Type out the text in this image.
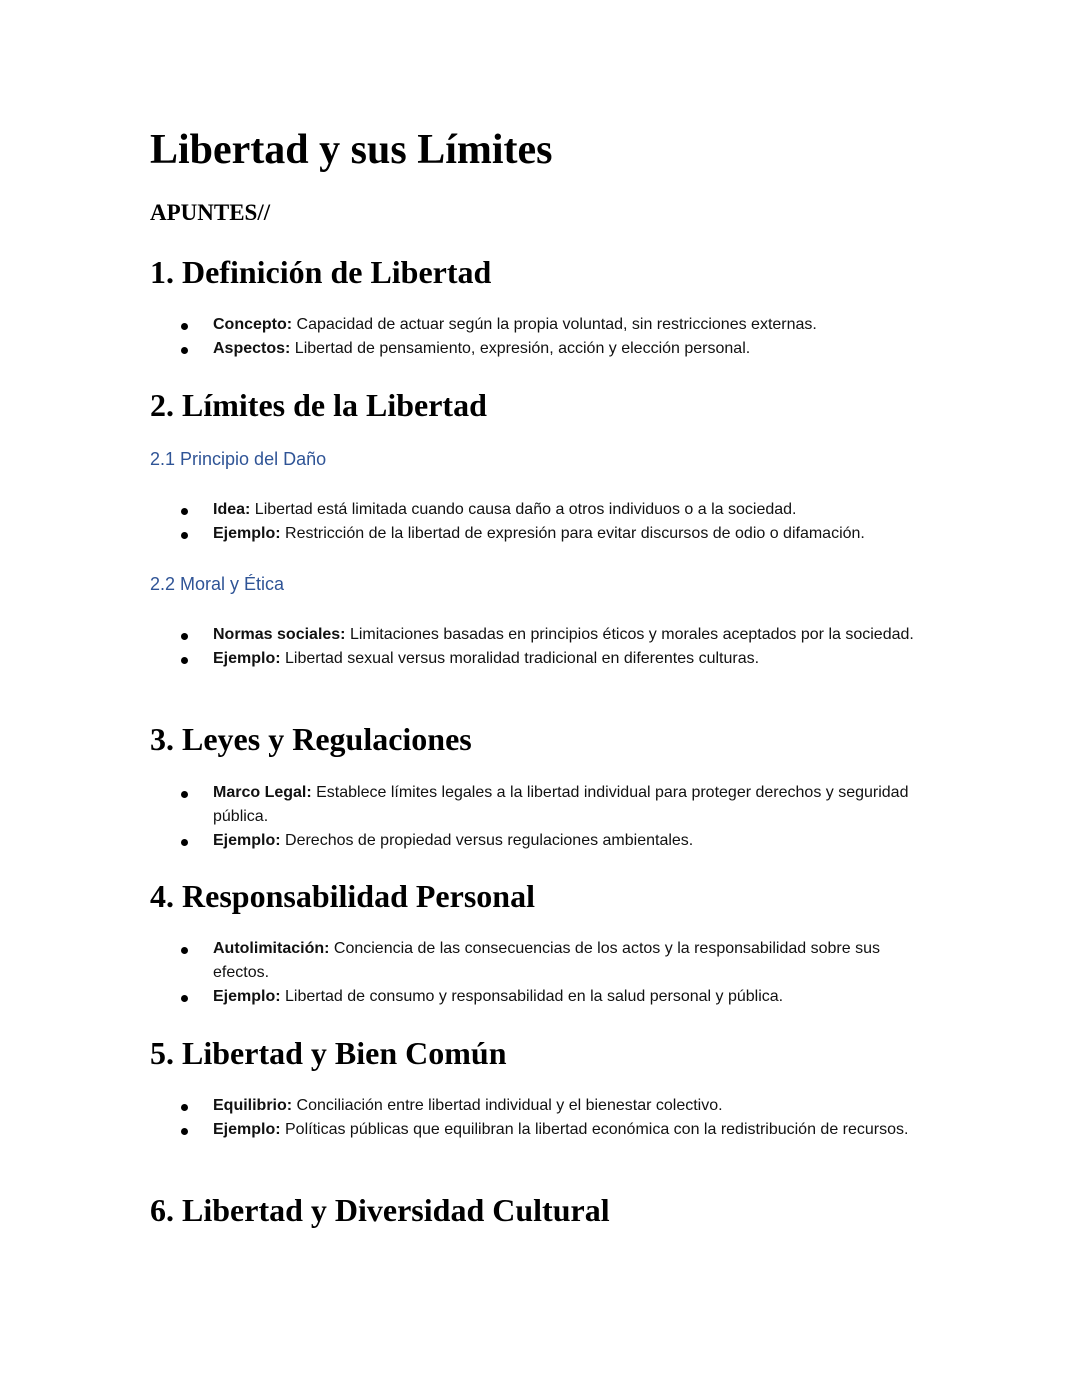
Libertad y sus Límites
APUNTES//
1. Definición de Libertad
Concepto: Capacidad de actuar según la propia voluntad, sin restricciones externas.
Aspectos: Libertad de pensamiento, expresión, acción y elección personal.
2. Límites de la Libertad
2.1 Principio del Daño
Idea: Libertad está limitada cuando causa daño a otros individuos o a la sociedad.
Ejemplo: Restricción de la libertad de expresión para evitar discursos de odio o difamación.
2.2 Moral y Ética
Normas sociales: Limitaciones basadas en principios éticos y morales aceptados por la sociedad.
Ejemplo: Libertad sexual versus moralidad tradicional en diferentes culturas.
3. Leyes y Regulaciones
Marco Legal: Establece límites legales a la libertad individual para proteger derechos y seguridad pública.
Ejemplo: Derechos de propiedad versus regulaciones ambientales.
4. Responsabilidad Personal
Autolimitación: Conciencia de las consecuencias de los actos y la responsabilidad sobre sus efectos.
Ejemplo: Libertad de consumo y responsabilidad en la salud personal y pública.
5. Libertad y Bien Común
Equilibrio: Conciliación entre libertad individual y el bienestar colectivo.
Ejemplo: Políticas públicas que equilibran la libertad económica con la redistribución de recursos.
6. Libertad y Diversidad Cultural
